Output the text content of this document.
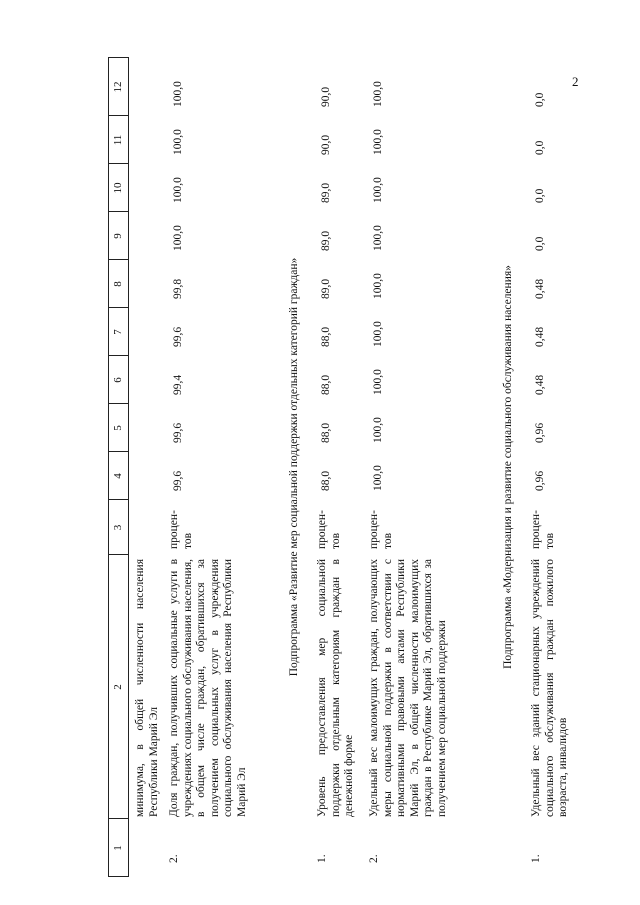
2
1
2
3
4
5
6
7
8
9
10
11
12
минимума, в общей численности населения Республики Марий Эл
2.
Доля граждан, получивших социальные услуги в учреждениях социального обслуживания населения, в общем числе граждан, обратившихся за получением социальных услуг в учреждения социального обслуживания населения Республики Марий Эл
процен-тов
99,6
99,6
99,4
99,6
99,8
100,0
100,0
100,0
100,0
Подпрограмма «Развитие мер социальной поддержки отдельных категорий граждан»
1.
Уровень предоставления мер социальной поддержки отдельным категориям граждан в денежной форме
процен-тов
88,0
88,0
88,0
88,0
89,0
89,0
89,0
90,0
90,0
2.
Удельный вес малоимущих граждан, получающих меры социальной поддержки в соответствии с нормативными правовыми актами Республики Марий Эл, в общей численности малоимущих граждан в Республике Марий Эл, обратившихся за получением мер социальной поддержки
процен-тов
100,0
100,0
100,0
100,0
100,0
100,0
100,0
100,0
100,0
Подпрограмма «Модернизация и развитие социального обслуживания населения»
1.
Удельный вес зданий стационарных учреждений социального обслуживания граждан пожилого возраста, инвалидов
процен-тов
0,96
0,96
0,48
0,48
0,48
0,0
0,0
0,0
0,0
